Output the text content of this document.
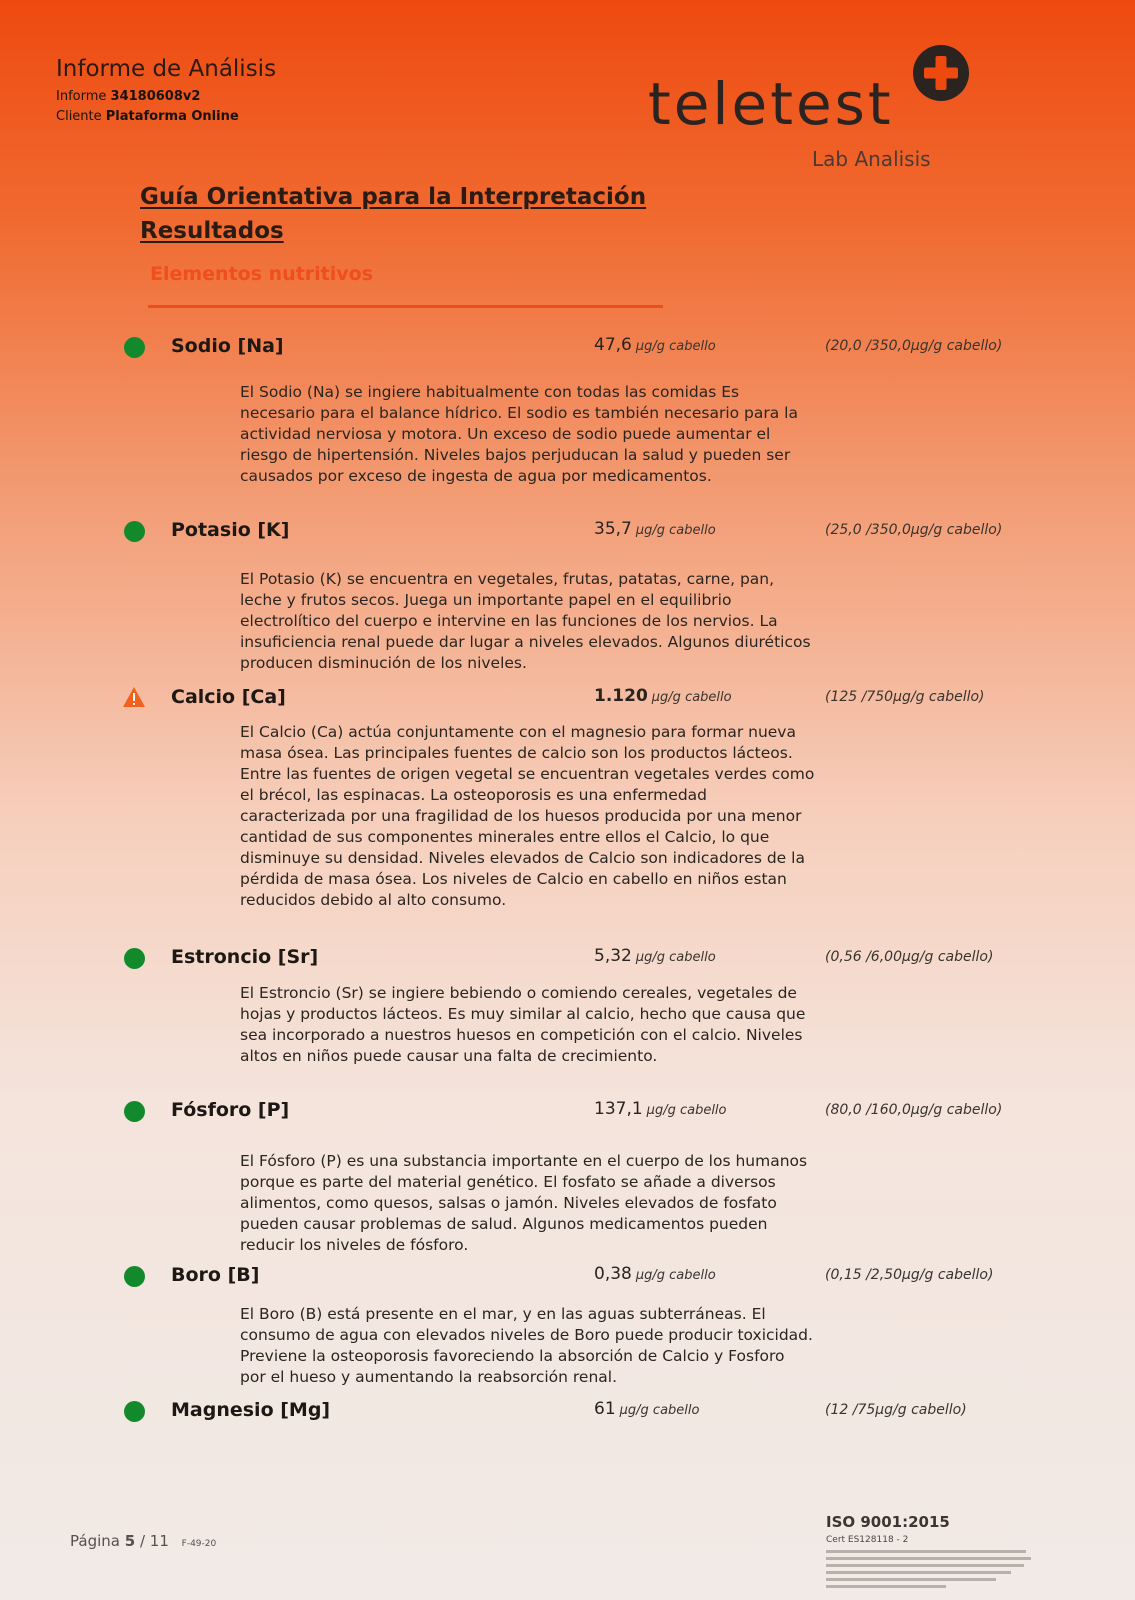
Informe de Análisis
Informe 34180608v2
Cliente Plataforma Online	teletest
Lab Analisis
Guía Orientativa para la Interpretación Resultados
Elementos nutritivos
Sodio [Na]	47,6 µg/g cabello	(20,0 /350,0µg/g cabello)
El Sodio (Na) se ingiere habitualmente con todas las comidas Es necesario para el balance hídrico. El sodio es también necesario para la actividad nerviosa y motora. Un exceso de sodio puede aumentar el riesgo de hipertensión. Niveles bajos perjuducan la salud y pueden ser causados por exceso de ingesta de agua por medicamentos.
Potasio [K]	35,7 µg/g cabello	(25,0 /350,0µg/g cabello)
El Potasio (K) se encuentra en vegetales, frutas, patatas, carne, pan, leche y frutos secos. Juega un importante papel en el equilibrio electrolítico del cuerpo e intervine en las funciones de los nervios. La insuficiencia renal puede dar lugar a niveles elevados. Algunos diuréticos producen disminución de los niveles.
Calcio [Ca]	1.120 µg/g cabello	(125 /750µg/g cabello)
El Calcio (Ca) actúa conjuntamente con el magnesio para formar nueva masa ósea. Las principales fuentes de calcio son los productos lácteos. Entre las fuentes de origen vegetal se encuentran vegetales verdes como el brécol, las espinacas. La osteoporosis es una enfermedad caracterizada por una fragilidad de los huesos producida por una menor cantidad de sus componentes minerales entre ellos el Calcio, lo que disminuye su densidad. Niveles elevados de Calcio son indicadores de la pérdida de masa ósea. Los niveles de Calcio en cabello en niños estan reducidos debido al alto consumo.
Estroncio [Sr]	5,32 µg/g cabello	(0,56 /6,00µg/g cabello)
El Estroncio (Sr) se ingiere bebiendo o comiendo cereales, vegetales de hojas y productos lácteos. Es muy similar al calcio, hecho que causa que sea incorporado a nuestros huesos en competición con el calcio. Niveles altos en niños puede causar una falta de crecimiento.
Fósforo [P]	137,1 µg/g cabello	(80,0 /160,0µg/g cabello)
El Fósforo (P) es una substancia importante en el cuerpo de los humanos porque es parte del material genético. El fosfato se añade a diversos alimentos, como quesos, salsas o jamón. Niveles elevados de fosfato pueden causar problemas de salud. Algunos medicamentos pueden reducir los niveles de fósforo.
Boro [B]	0,38 µg/g cabello	(0,15 /2,50µg/g cabello)
El Boro (B) está presente en el mar, y en las aguas subterráneas. El consumo de agua con elevados niveles de Boro puede producir toxicidad. Previene la osteoporosis favoreciendo la absorción de Calcio y Fosforo por el hueso y aumentando la reabsorción renal.
Magnesio [Mg]	61 µg/g cabello	(12 /75µg/g cabello)
Página 5 / 11 F-49-20
ISO 9001:2015
Cert ES128118 - 2
